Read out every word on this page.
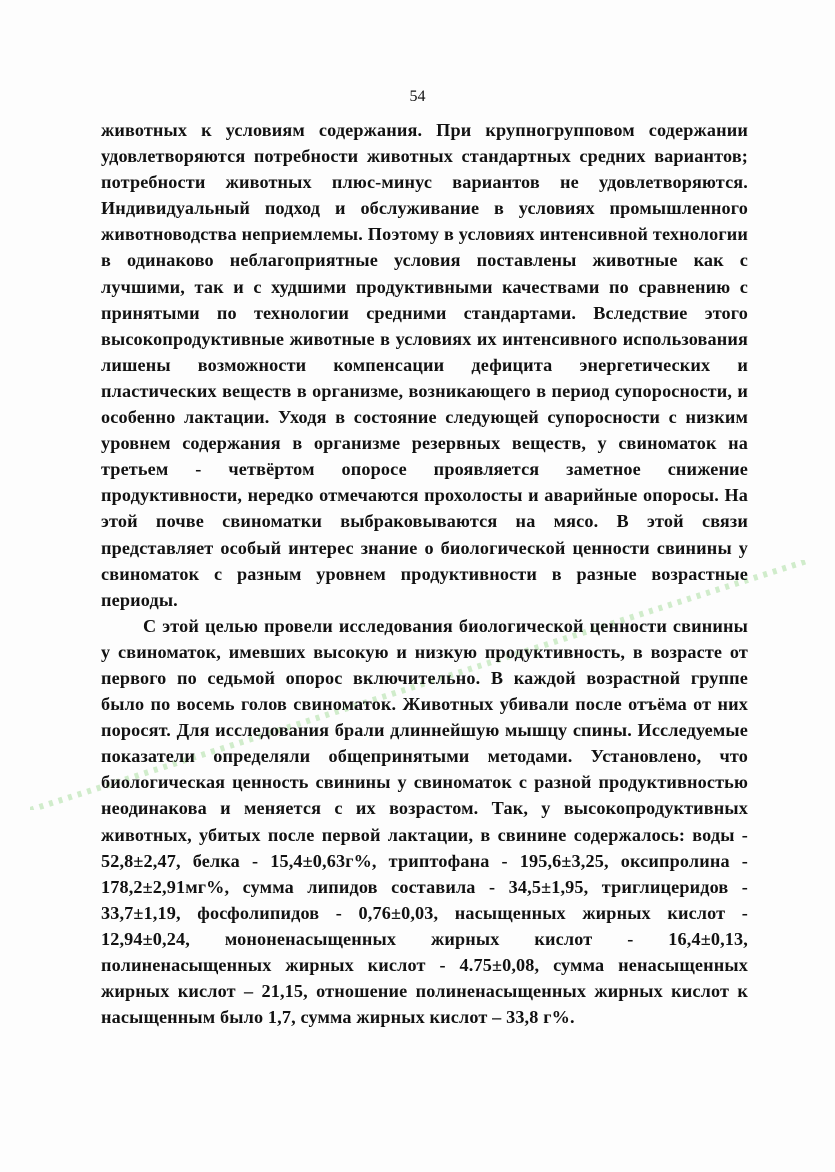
54

животных к условиям содержания. При крупногрупповом содержании удовлетворяются потребности животных стандартных средних вариантов; потребности животных плюс-минус вариантов не удовлетворяются. Индивидуальный подход и обслуживание в условиях промышленного животноводства неприемлемы. Поэтому в условиях интенсивной технологии в одинаково неблагоприятные условия поставлены животные как с лучшими, так и с худшими продуктивными качествами по сравнению с принятыми по технологии средними стандартами. Вследствие этого высокопродуктивные животные в условиях их интенсивного использования лишены возможности компенсации дефицита энергетических и пластических веществ в организме, возникающего в период супоросности, и особенно лактации. Уходя в состояние следующей супоросности с низким уровнем содержания в организме резервных веществ, у свиноматок на третьем - четвёртом опоросе проявляется заметное снижение продуктивности, нередко отмечаются прохолосты и аварийные опоросы. На этой почве свиноматки выбраковываются на мясо. В этой связи представляет особый интерес знание о биологической ценности свинины у свиноматок с разным уровнем продуктивности в разные возрастные периоды.

С этой целью провели исследования биологической ценности свинины у свиноматок, имевших высокую и низкую продуктивность, в возрасте от первого по седьмой опорос включительно. В каждой возрастной группе было по восемь голов свиноматок. Животных убивали после отъёма от них поросят. Для исследования брали длиннейшую мышцу спины. Исследуемые показатели определяли общепринятыми методами. Установлено, что биологическая ценность свинины у свиноматок с разной продуктивностью неодинакова и меняется с их возрастом. Так, у высокопродуктивных животных, убитых после первой лактации, в свинине содержалось: воды - 52,8±2,47, белка - 15,4±0,63г%, триптофана - 195,6±3,25, оксипролина - 178,2±2,91мг%, сумма липидов составила - 34,5±1,95, триглицеридов - 33,7±1,19, фосфолипидов - 0,76±0,03, насыщенных жирных кислот - 12,94±0,24, мононенасыщенных жирных кислот - 16,4±0,13, полиненасыщенных жирных кислот - 4.75±0,08, сумма ненасыщенных жирных кислот – 21,15, отношение полиненасыщенных жирных кислот к насыщенным было 1,7, сумма жирных кислот – 33,8 г%.
